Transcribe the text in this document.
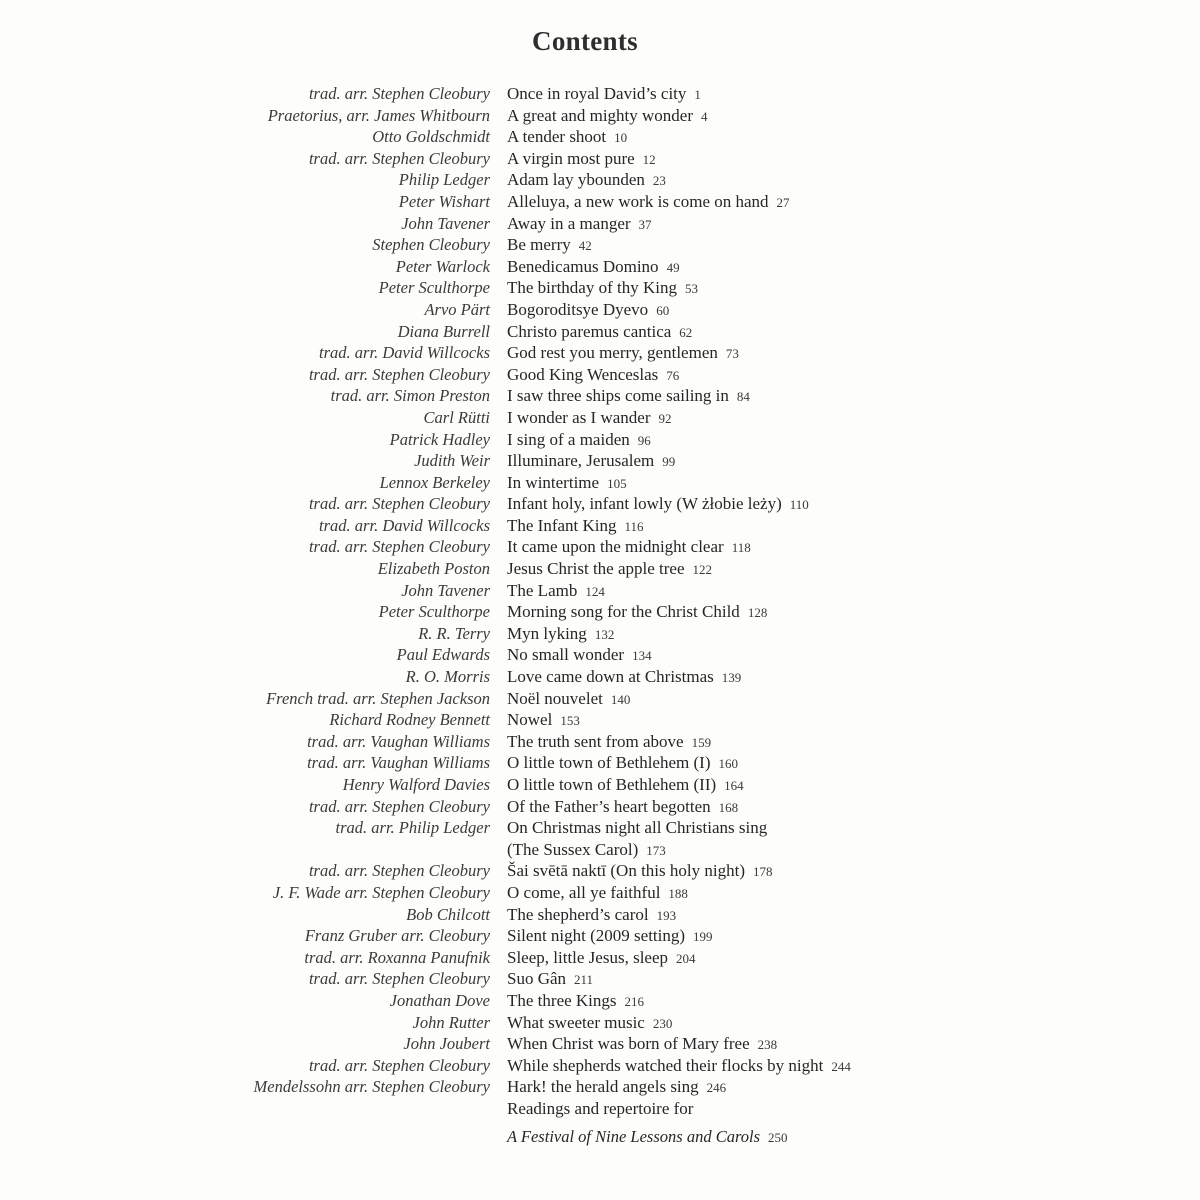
Contents
trad. arr. Stephen Cleobury	Once in royal David’s city 1
Praetorius, arr. James Whitbourn	A great and mighty wonder 4
Otto Goldschmidt	A tender shoot 10
trad. arr. Stephen Cleobury	A virgin most pure 12
Philip Ledger	Adam lay ybounden 23
Peter Wishart	Alleluya, a new work is come on hand 27
John Tavener	Away in a manger 37
Stephen Cleobury	Be merry 42
Peter Warlock	Benedicamus Domino 49
Peter Sculthorpe	The birthday of thy King 53
Arvo Pärt	Bogoroditsye Dyevo 60
Diana Burrell	Christo paremus cantica 62
trad. arr. David Willcocks	God rest you merry, gentlemen 73
trad. arr. Stephen Cleobury	Good King Wenceslas 76
trad. arr. Simon Preston	I saw three ships come sailing in 84
Carl Rütti	I wonder as I wander 92
Patrick Hadley	I sing of a maiden 96
Judith Weir	Illuminare, Jerusalem 99
Lennox Berkeley	In wintertime 105
trad. arr. Stephen Cleobury	Infant holy, infant lowly (W żłobie leży) 110
trad. arr. David Willcocks	The Infant King 116
trad. arr. Stephen Cleobury	It came upon the midnight clear 118
Elizabeth Poston	Jesus Christ the apple tree 122
John Tavener	The Lamb 124
Peter Sculthorpe	Morning song for the Christ Child 128
R. R. Terry	Myn lyking 132
Paul Edwards	No small wonder 134
R. O. Morris	Love came down at Christmas 139
French trad. arr. Stephen Jackson	Noël nouvelet 140
Richard Rodney Bennett	Nowel 153
trad. arr. Vaughan Williams	The truth sent from above 159
trad. arr. Vaughan Williams	O little town of Bethlehem (I) 160
Henry Walford Davies	O little town of Bethlehem (II) 164
trad. arr. Stephen Cleobury	Of the Father’s heart begotten 168
trad. arr. Philip Ledger	On Christmas night all Christians sing
(The Sussex Carol) 173
trad. arr. Stephen Cleobury	Šai svētā naktī (On this holy night) 178
J. F. Wade arr. Stephen Cleobury	O come, all ye faithful 188
Bob Chilcott	The shepherd’s carol 193
Franz Gruber arr. Cleobury	Silent night (2009 setting) 199
trad. arr. Roxanna Panufnik	Sleep, little Jesus, sleep 204
trad. arr. Stephen Cleobury	Suo Gân 211
Jonathan Dove	The three Kings 216
John Rutter	What sweeter music 230
John Joubert	When Christ was born of Mary free 238
trad. arr. Stephen Cleobury	While shepherds watched their flocks by night 244
Mendelssohn arr. Stephen Cleobury	Hark! the herald angels sing 246
Readings and repertoire for
A Festival of Nine Lessons and Carols 250
